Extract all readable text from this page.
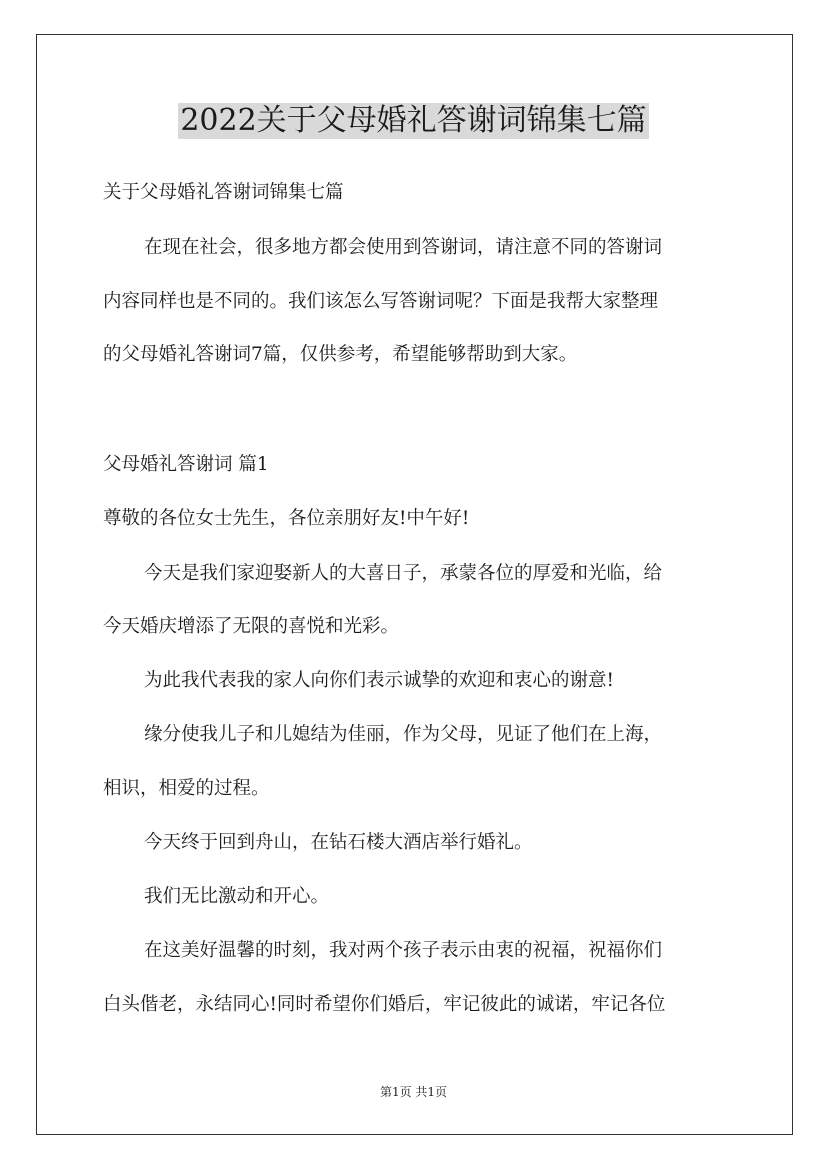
2022关于父母婚礼答谢词锦集七篇
关于父母婚礼答谢词锦集七篇
在现在社会，很多地方都会使用到答谢词，请注意不同的答谢词
内容同样也是不同的。我们该怎么写答谢词呢？下面是我帮大家整理
的父母婚礼答谢词7篇，仅供参考，希望能够帮助到大家。
父母婚礼答谢词 篇1
尊敬的各位女士先生，各位亲朋好友!中午好!
今天是我们家迎娶新人的大喜日子，承蒙各位的厚爱和光临，给
今天婚庆增添了无限的喜悦和光彩。
为此我代表我的家人向你们表示诚挚的欢迎和衷心的谢意!
缘分使我儿子和儿媳结为佳丽，作为父母，见证了他们在上海，
相识，相爱的过程。
今天终于回到舟山，在钻石楼大酒店举行婚礼。
我们无比激动和开心。
在这美好温馨的时刻，我对两个孩子表示由衷的祝福，祝福你们
白头偕老，永结同心!同时希望你们婚后，牢记彼此的诚诺，牢记各位
第1页 共1页
